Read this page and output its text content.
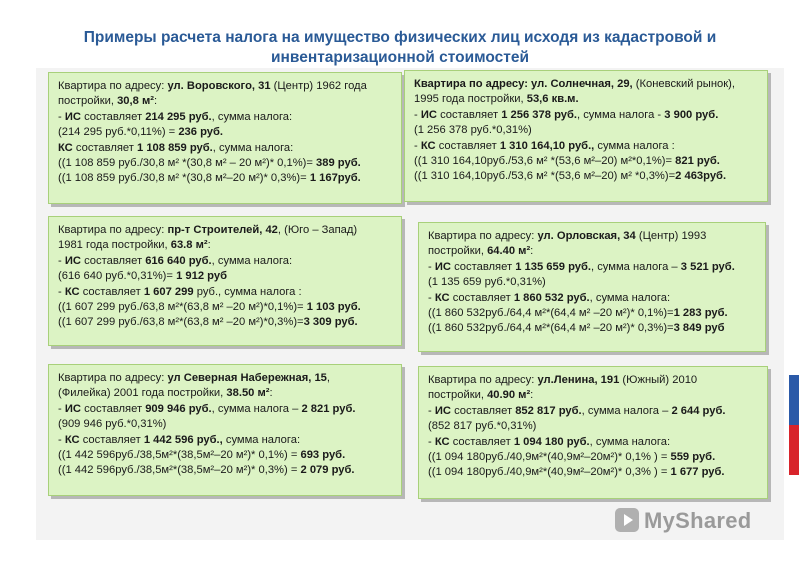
Примеры расчета налога на имущество физических лиц исходя из кадастровой и инвентаризационной стоимостей
Квартира по адресу: ул. Воровского, 31 (Центр) 1962 года
постройки, 30,8 м²:
- ИС составляет 214 295 руб., сумма налога:
(214 295 руб.*0,11%) = 236 руб.
КС составляет 1 108 859 руб., сумма налога:
((1 108 859 руб./30,8 м² *(30,8 м² – 20 м²)* 0,1%)= 389 руб.
((1 108 859 руб./30,8 м² *(30,8 м²–20 м²)* 0,3%)= 1 167руб.
Квартира по адресу: ул. Солнечная, 29, (Коневский рынок),
1995 года постройки, 53,6 кв.м.
- ИС составляет 1 256 378 руб., сумма налога - 3 900 руб.
(1 256 378 руб.*0,31%)
- КС составляет 1 310 164,10 руб., сумма налога :
((1 310 164,10руб./53,6 м² *(53,6 м²–20) м²*0,1%)= 821 руб.
((1 310 164,10руб./53,6 м² *(53,6 м²–20) м² *0,3%)=2 463руб.
Квартира по адресу: пр-т Строителей, 42, (Юго – Запад)
1981 года постройки, 63.8 м²:
- ИС составляет 616 640 руб., сумма налога:
(616 640 руб.*0,31%)= 1 912 руб
- КС составляет 1 607 299 руб., сумма налога :
((1 607 299 руб./63,8 м²*(63,8 м² –20 м²)*0,1%)= 1 103 руб.
((1 607 299 руб./63,8 м²*(63,8 м² –20 м²)*0,3%)=3 309 руб.
Квартира по адресу: ул. Орловская, 34 (Центр) 1993
постройки, 64.40 м²:
- ИС составляет 1 135 659 руб., сумма налога – 3 521 руб.
(1 135 659 руб.*0,31%)
- КС составляет 1 860 532 руб., сумма налога:
((1 860 532руб./64,4 м²*(64,4 м² –20 м²)* 0,1%)=1 283 руб.
((1 860 532руб./64,4 м²*(64,4 м² –20 м²)* 0,3%)=3 849 руб
Квартира по адресу: ул Северная Набережная, 15,
(Филейка) 2001 года постройки, 38.50 м²:
- ИС составляет 909 946 руб., сумма налога – 2 821 руб.
(909 946 руб.*0,31%)
- КС составляет 1 442 596 руб., сумма налога:
((1 442 596руб./38,5м²*(38,5м²–20 м²)* 0,1%) = 693 руб.
((1 442 596руб./38,5м²*(38,5м²–20 м²)* 0,3%) = 2 079 руб.
Квартира по адресу: ул.Ленина, 191 (Южный) 2010
постройки, 40.90 м²:
- ИС составляет 852 817 руб., сумма налога – 2 644 руб.
(852 817 руб.*0,31%)
- КС составляет 1 094 180 руб., сумма налога:
((1 094 180руб./40,9м²*(40,9м²–20м²)* 0,1% ) = 559 руб.
((1 094 180руб./40,9м²*(40,9м²–20м²)* 0,3% ) = 1 677 руб.
MyShared
